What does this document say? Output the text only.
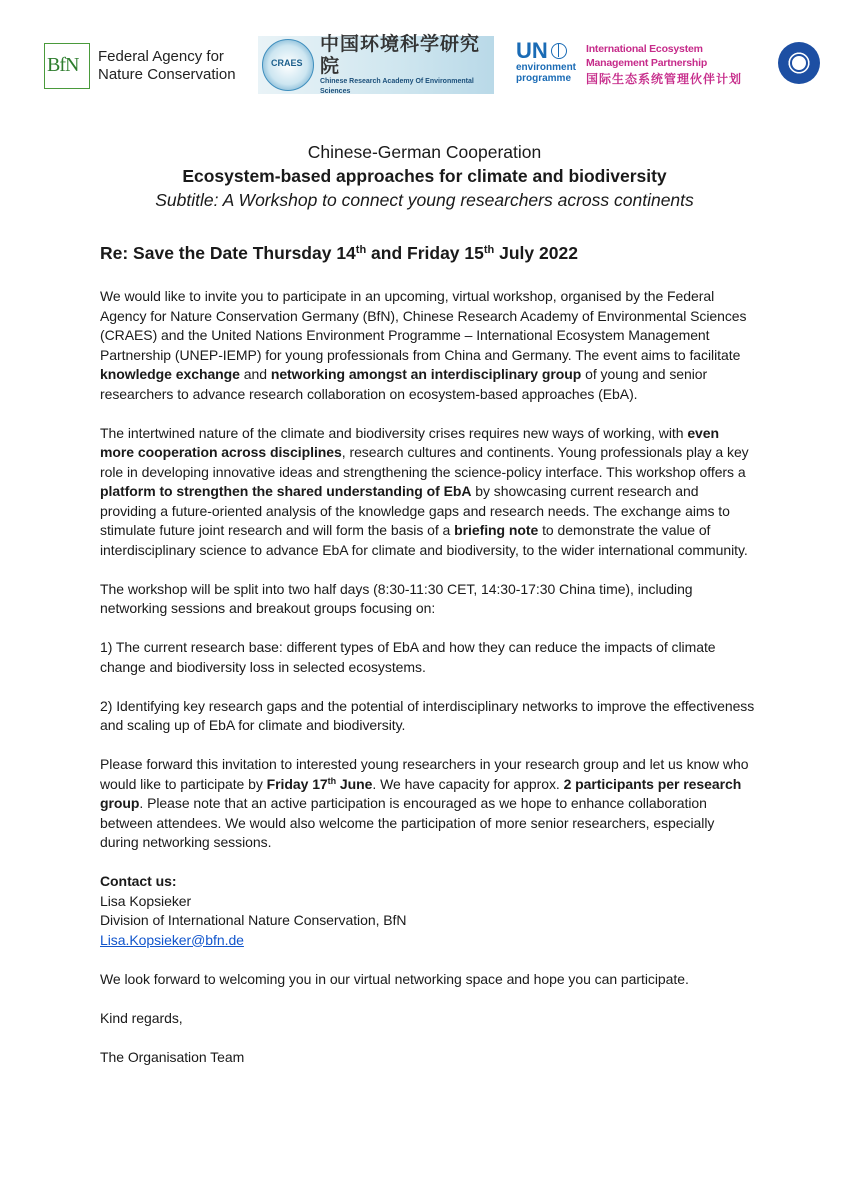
BfN Federal Agency for
Nature Conservation
CRAES
中国环境科学研究院
Chinese Research Academy Of Environmental Sciences
UN
environment
programme
International Ecosystem Management Partnership
国际生态系统管理伙伴计划
Chinese-German Cooperation
Ecosystem-based approaches for climate and biodiversity
Subtitle: A Workshop to connect young researchers across continents
Re: Save the Date Thursday 14th and Friday 15th July 2022

We would like to invite you to participate in an upcoming, virtual workshop, organised by the Federal Agency for Nature Conservation Germany (BfN), Chinese Research Academy of Environmental Sciences (CRAES) and the United Nations Environment Programme – International Ecosystem Management Partnership (UNEP-IEMP) for young professionals from China and Germany. The event aims to facilitate knowledge exchange and networking amongst an interdisciplinary group of young and senior researchers to advance research collaboration on ecosystem-based approaches (EbA).

The intertwined nature of the climate and biodiversity crises requires new ways of working, with even more cooperation across disciplines, research cultures and continents. Young professionals play a key role in developing innovative ideas and strengthening the science-policy interface. This workshop offers a platform to strengthen the shared understanding of EbA by showcasing current research and providing a future-oriented analysis of the knowledge gaps and research needs. The exchange aims to stimulate future joint research and will form the basis of a briefing note to demonstrate the value of interdisciplinary science to advance EbA for climate and biodiversity, to the wider international community.

The workshop will be split into two half days (8:30-11:30 CET, 14:30-17:30 China time), including networking sessions and breakout groups focusing on:

1) The current research base: different types of EbA and how they can reduce the impacts of climate change and biodiversity loss in selected ecosystems.

2) Identifying key research gaps and the potential of interdisciplinary networks to improve the effectiveness and scaling up of EbA for climate and biodiversity.

Please forward this invitation to interested young researchers in your research group and let us know who would like to participate by Friday 17th June. We have capacity for approx. 2 participants per research group. Please note that an active participation is encouraged as we hope to enhance collaboration between attendees. We would also welcome the participation of more senior researchers, especially during networking sessions.

Contact us:
Lisa Kopsieker
Division of International Nature Conservation, BfN
Lisa.Kopsieker@bfn.de

We look forward to welcoming you in our virtual networking space and hope you can participate.

Kind regards,

The Organisation Team
